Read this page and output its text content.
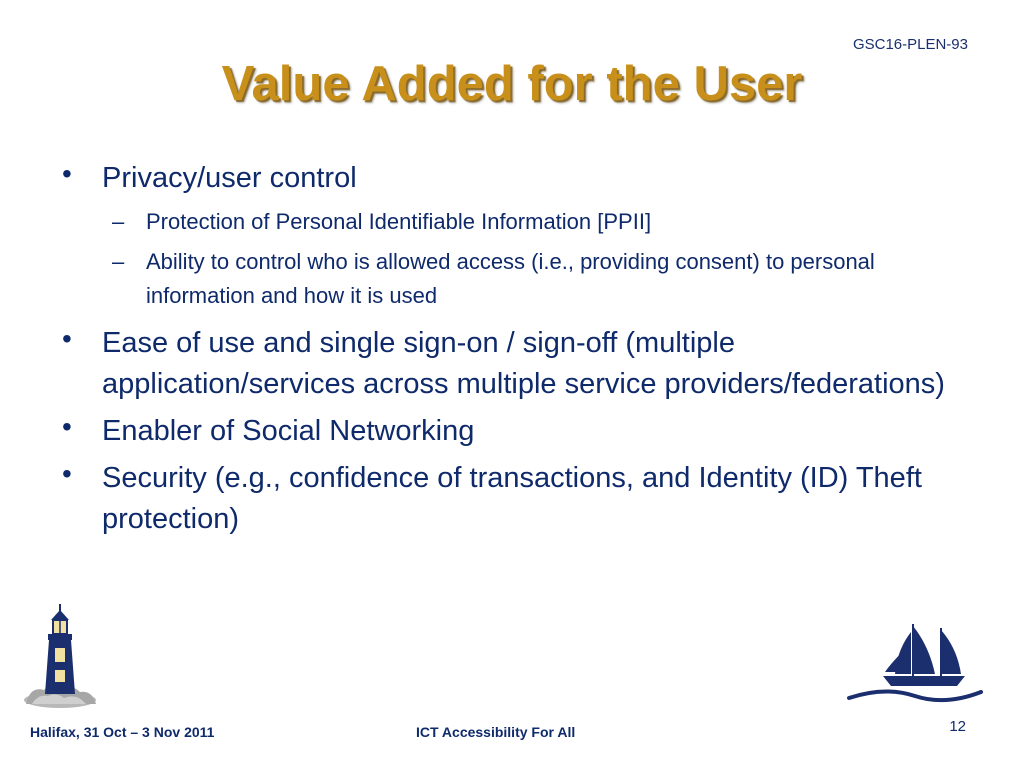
GSC16-PLEN-93
Value Added for the User
• Privacy/user control
– Protection of Personal Identifiable Information [PPII]
– Ability to control who is allowed access (i.e., providing consent) to personal information and how it is used
• Ease of use and single sign-on / sign-off (multiple application/services across multiple service providers/federations)
• Enabler of Social Networking
• Security (e.g., confidence of transactions, and Identity (ID) Theft protection)
Halifax, 31 Oct – 3 Nov 2011	ICT Accessibility For All	12
